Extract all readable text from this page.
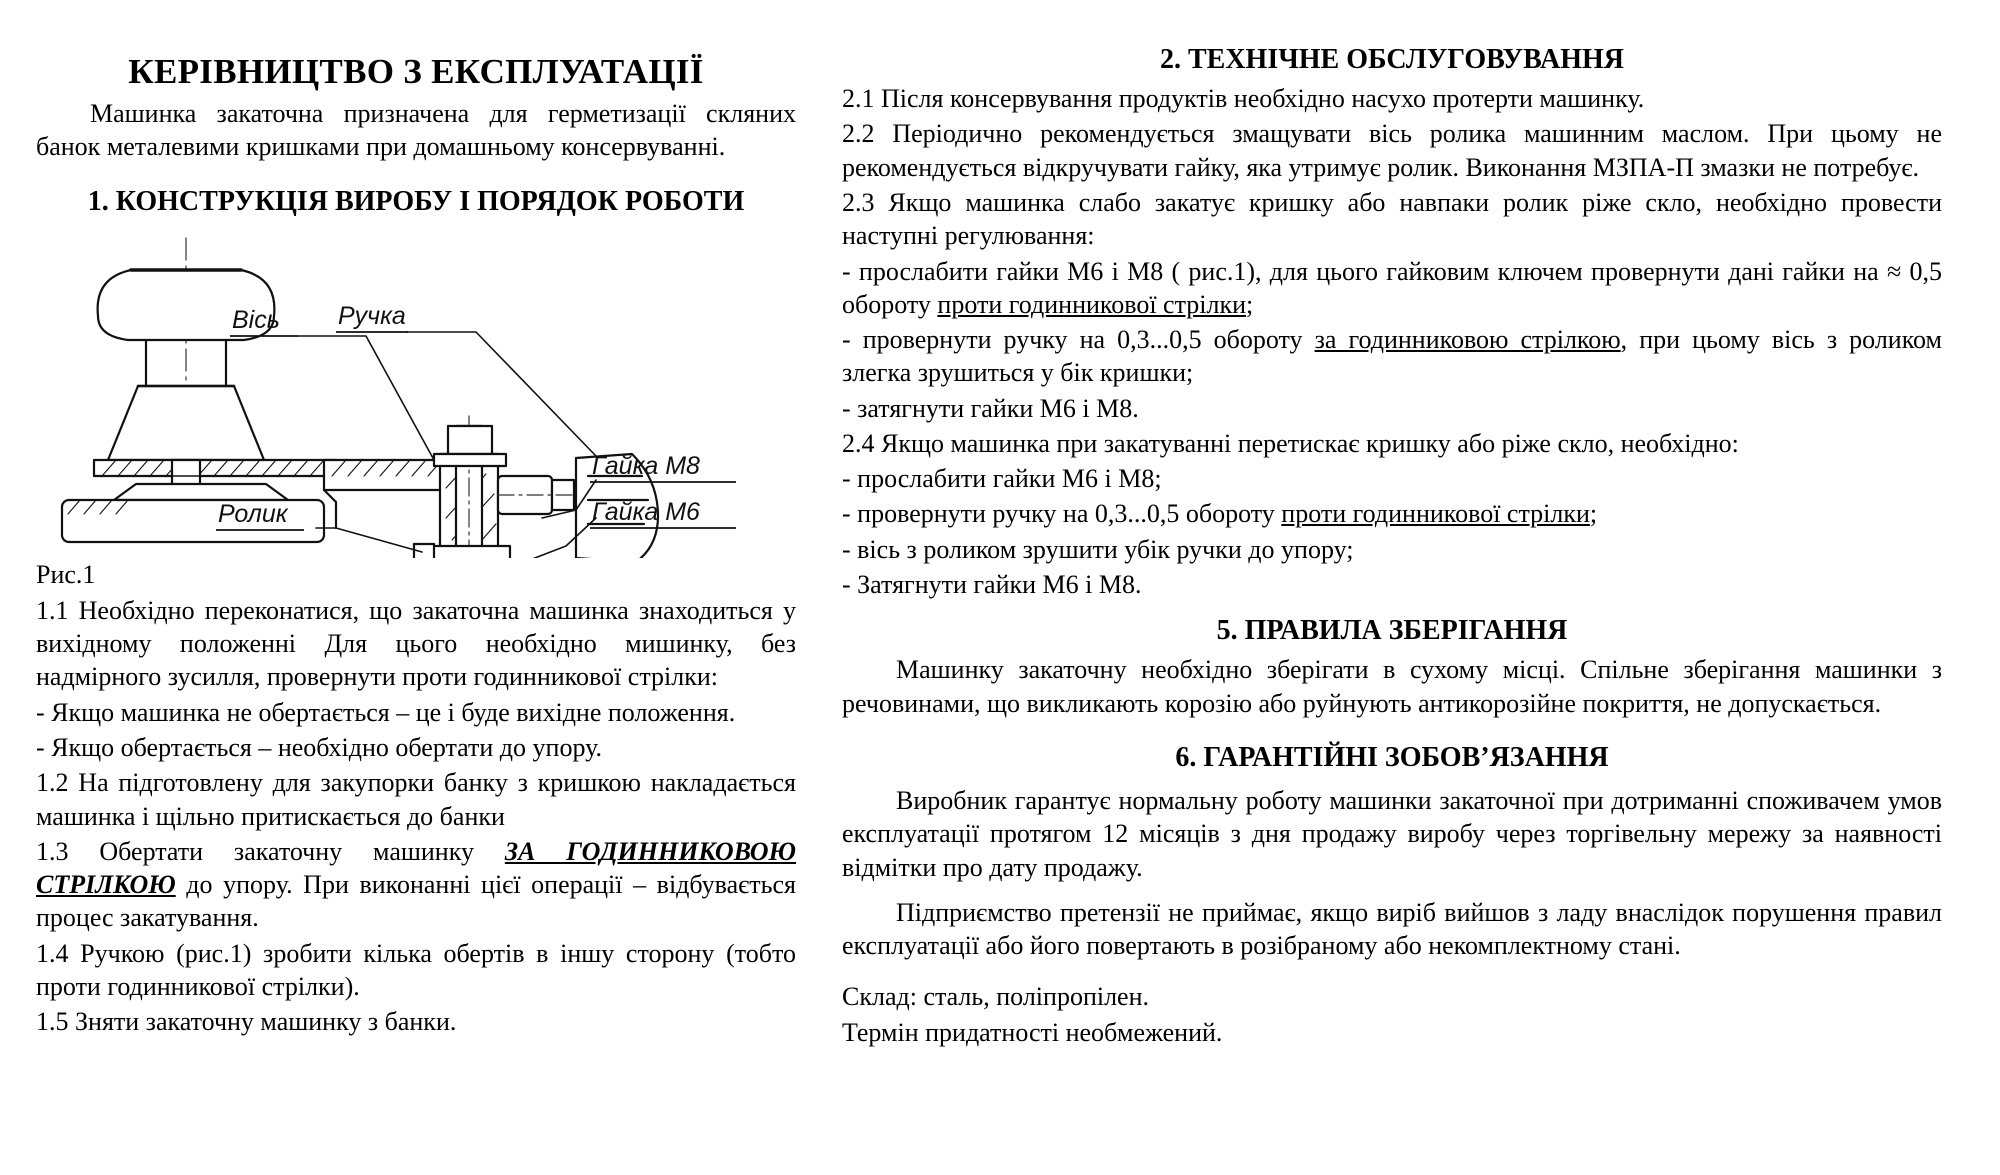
КЕРІВНИЦТВО З ЕКСПЛУАТАЦІЇ

Машинка закаточна призначена для герметизації скляних банок металевими кришками при домашньому консервуванні.

1. КОНСТРУКЦІЯ ВИРОБУ І ПОРЯДОК РОБОТИ
Вісь Ручка
Ролик
Гайка М8
Гайка М6
Рис.1

1.1 Необхідно переконатися, що закаточна машинка знаходиться у вихідному положенні Для цього необхідно мишинку, без надмірного зусилля, провернути проти годинникової стрілки:

- Якщо машинка не обертається – це і буде вихідне положення.

- Якщо обертається – необхідно обертати до упору.

1.2 На підготовлену для закупорки банку з кришкою накладається машинка і щільно притискається до банки

1.3 Обертати закаточну машинку ЗА ГОДИННИКОВОЮ СТРІЛКОЮ до упору. При виконанні цієї операції – відбувається процес закатування.

1.4 Ручкою (рис.1) зробити кілька обертів в іншу сторону (тобто проти годинникової стрілки).

1.5 Зняти закаточну машинку з банки.

2. ТЕХНІЧНЕ ОБСЛУГОВУВАННЯ

2.1 Після консервування продуктів необхідно насухо протерти машинку.

2.2 Періодично рекомендується змащувати вісь ролика машинним маслом. При цьому не рекомендується відкручувати гайку, яка утримує ролик. Виконання МЗПА-П змазки не потребує.

2.3 Якщо машинка слабо закатує кришку або навпаки ролик ріже скло, необхідно провести наступні регулювання:

- прослабити гайки М6 і М8 ( рис.1), для цього гайковим ключем провернути дані гайки на ≈ 0,5 обороту проти годинникової стрілки;

- провернути ручку на 0,3...0,5 обороту за годинниковою стрілкою, при цьому вісь з роликом злегка зрушиться у бік кришки;

- затягнути гайки М6 і М8.

2.4 Якщо машинка при закатуванні перетискає кришку або ріже скло, необхідно:

- прослабити гайки М6 і М8;

- провернути ручку на 0,3...0,5 обороту проти годинникової стрілки;

- вісь з роликом зрушити убік ручки до упору;

- Затягнути гайки М6 і М8.

5. ПРАВИЛА ЗБЕРІГАННЯ

Машинку закаточну необхідно зберігати в сухому місці. Спільне зберігання машинки з речовинами, що викликають корозію або руйнують антикорозійне покриття, не допускається.

6. ГАРАНТІЙНІ ЗОБОВ’ЯЗАННЯ

Виробник гарантує нормальну роботу машинки закаточної при дотриманні споживачем умов експлуатації протягом 12 місяців з дня продажу виробу через торгівельну мережу за наявності відмітки про дату продажу.

Підприємство претензії не приймає, якщо виріб вийшов з ладу внаслідок порушення правил експлуатації або його повертають в розібраному або некомплектному стані.

Склад: сталь, поліпропілен.

Термін придатності необмежений.
